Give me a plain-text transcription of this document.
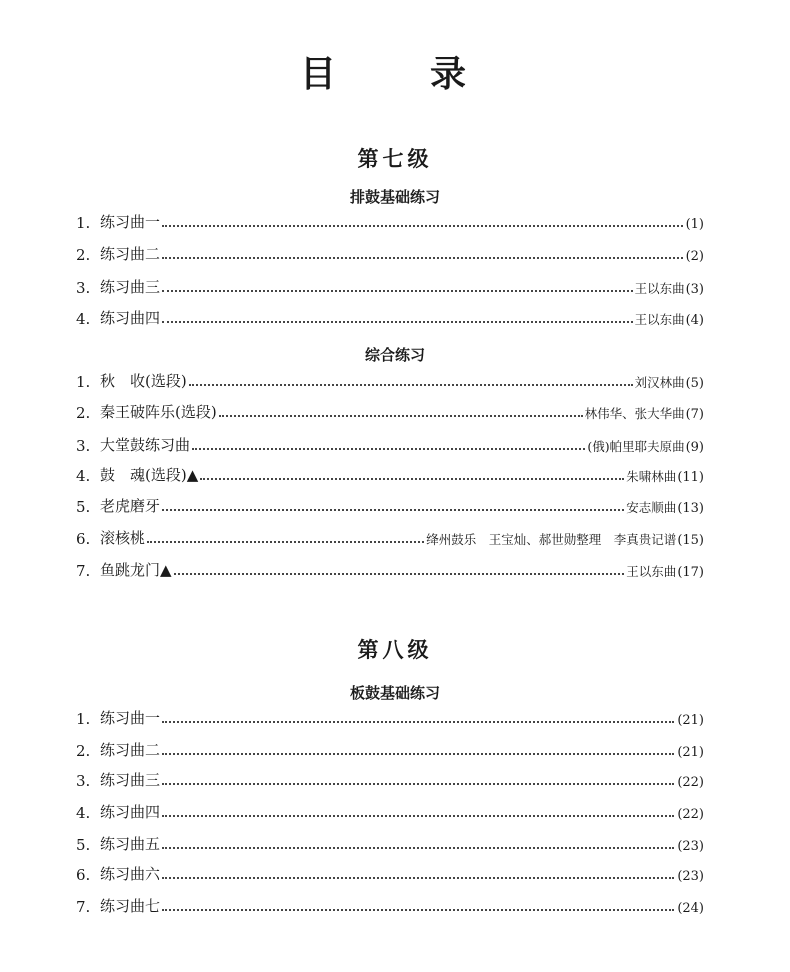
目	录
第七级
排鼓基础练习
1. 练习曲一	(1)
2. 练习曲二	(2)
3. 练习曲三	王以东曲 (3)
4. 练习曲四	王以东曲 (4)
综合练习
1. 秋　收(选段)	刘汉林曲 (5)
2. 秦王破阵乐(选段)	林伟华、张大华曲 (7)
3. 大堂鼓练习曲	(俄)帕里耶夫原曲 (9)
4. 鼓　魂(选段)▲	朱啸林曲 (11)
5. 老虎磨牙	安志顺曲 (13)
6. 滚核桃	绛州鼓乐　王宝灿、郝世勋整理　李真贵记谱 (15)
7. 鱼跳龙门▲	王以东曲 (17)
第八级
板鼓基础练习
1. 练习曲一	(21)
2. 练习曲二	(21)
3. 练习曲三	(22)
4. 练习曲四	(22)
5. 练习曲五	(23)
6. 练习曲六	(23)
7. 练习曲七	(24)
